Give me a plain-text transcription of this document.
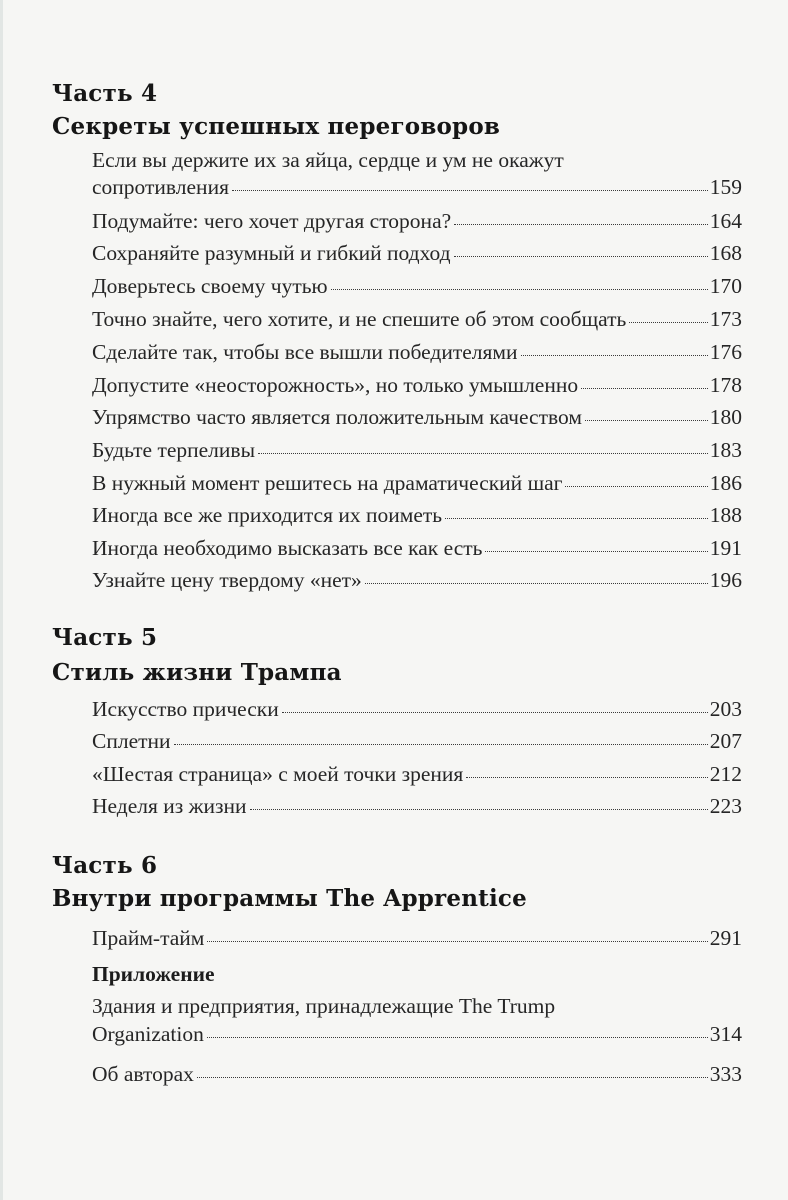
Часть 4
Секреты успешных переговоров
Если вы держите их за яйца, сердце и ум не окажут
сопротивления	159
Подумайте: чего хочет другая сторона?	164
Сохраняйте разумный и гибкий подход	168
Доверьтесь своему чутью	170
Точно знайте, чего хотите, и не спешите об этом сообщать	173
Сделайте так, чтобы все вышли победителями	176
Допустите «неосторожность», но только умышленно	178
Упрямство часто является положительным качеством	180
Будьте терпеливы	183
В нужный момент решитесь на драматический шаг	186
Иногда все же приходится их поиметь	188
Иногда необходимо высказать все как есть	191
Узнайте цену твердому «нет»	196
Часть 5
Стиль жизни Трампа
Искусство прически	203
Сплетни	207
«Шестая страница» с моей точки зрения	212
Неделя из жизни	223
Часть 6
Внутри программы The Apprentice
Прайм-тайм	291
Приложение
Здания и предприятия, принадлежащие The Trump
Organization	314
Об авторах	333
